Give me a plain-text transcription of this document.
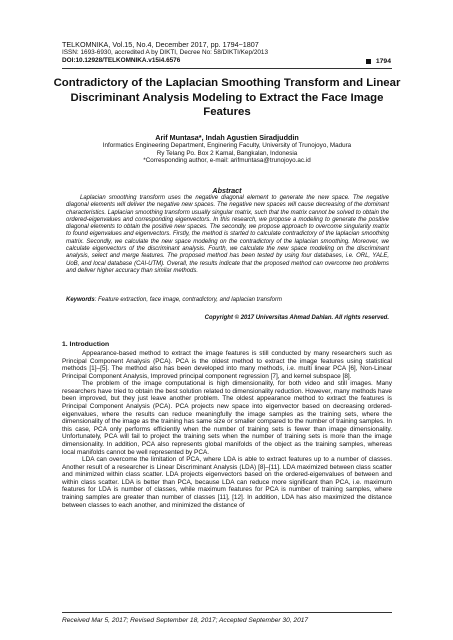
TELKOMNIKA, Vol.15, No.4, December 2017, pp. 1794~1807
ISSN: 1693-6930, accredited A by DIKTI, Decree No: 58/DIKTI/Kep/2013
DOI:10.12928/TELKOMNIKA.v15i4.6576	1794
Contradictory of the Laplacian Smoothing Transform and Linear Discriminant Analysis Modeling to Extract the Face Image Features
Arif Muntasa*, Indah Agustien Siradjuddin
Informatics Engineering Department, Enginering Faculty, University of Trunojoyo, Madura
Ry Telang Po. Box 2 Kamal, Bangkalan, Indonesia
*Corresponding author, e-mail: arifmuntasa@trunojoyo.ac.id
Abstract

Laplacian smoothing transform uses the negative diagonal element to generate the new space. The negative diagonal elements will deliver the negative new spaces. The negative new spaces will cause decreasing of the dominant characteristics. Laplacian smoothing transform usually singular matrix, such that the matrix cannot be solved to obtain the ordered-eigenvalues and corresponding eigenvectors. In this research, we propose a modeling to generate the positive diagonal elements to obtain the positive new spaces. The secondly, we propose approach to overcome singularity matrix to found eigenvalues and eigenvectors. Firstly, the method is started to calculate contradictory of the laplacian smoothing matrix. Secondly, we calculate the new space modeling on the contradictory of the laplacian smoothing. Moreover, we calculate eigenvectors of the discriminant analysis. Fourth, we calculate the new space modeling on the discriminant analysis, select and merge features. The proposed method has been tested by using four databases, i.e. ORL, YALE, UoB, and local database (CAI-UTM). Overall, the results indicate that the proposed method can overcome two problems and deliver higher accuracy than similar methods.

Keywords: Feature extraction, face image, contradictory, and laplacian transform
Copyright © 2017 Universitas Ahmad Dahlan. All rights reserved.
1. Introduction

Appearance-based method to extract the image features is still conducted by many researchers such as Principal Component Analysis (PCA). PCA is the oldest method to extract the image features using statistical methods [1]–[5]. The method also has been developed into many methods, i.e. multi linear PCA [6], Non-Linear Principal Component Analysis, Improved principal component regression [7], and kernel subspace [8].

The problem of the image computational is high dimensionality, for both video and still images. Many researchers have tried to obtain the best solution related to dimensionality reduction. However, many methods have been improved, but they just leave another problem. The oldest appearance method to extract the features is Principal Component Analysis (PCA). PCA projects new space into eigenvector based on decreasing ordered-eigenvalues, where the results can reduce meaningfully the image samples as the training sets, where the dimensionality of the image as the training has same size or smaller compared to the number of training samples. In this case, PCA only performs efficiently when the number of training sets is fewer than image dimensionality. Unfortunately, PCA will fail to project the training sets when the number of training sets is more than the image dimensionality. In addition, PCA also represents global manifolds of the object as the training samples, whereas local manifolds cannot be well represented by PCA.

LDA can overcome the limitation of PCA, where LDA is able to extract features up to a number of classes. Another result of a researcher is Linear Discriminant Analysis (LDA) [8]–[11]. LDA maximized between class scatter and minimized within class scatter. LDA projects eigenvectors based on the ordered-eigenvalues of between and within class scatter. LDA is better than PCA, because LDA can reduce more significant than PCA, i.e. maximum features for LDA is number of classes, while maximum features for PCA is number of training samples, where training samples are greater than number of classes [11], [12]. In addition, LDA has also maximized the distance between classes to each another, and minimized the distance of

Received Mar 5, 2017; Revised September 18, 2017; Accepted September 30, 2017
